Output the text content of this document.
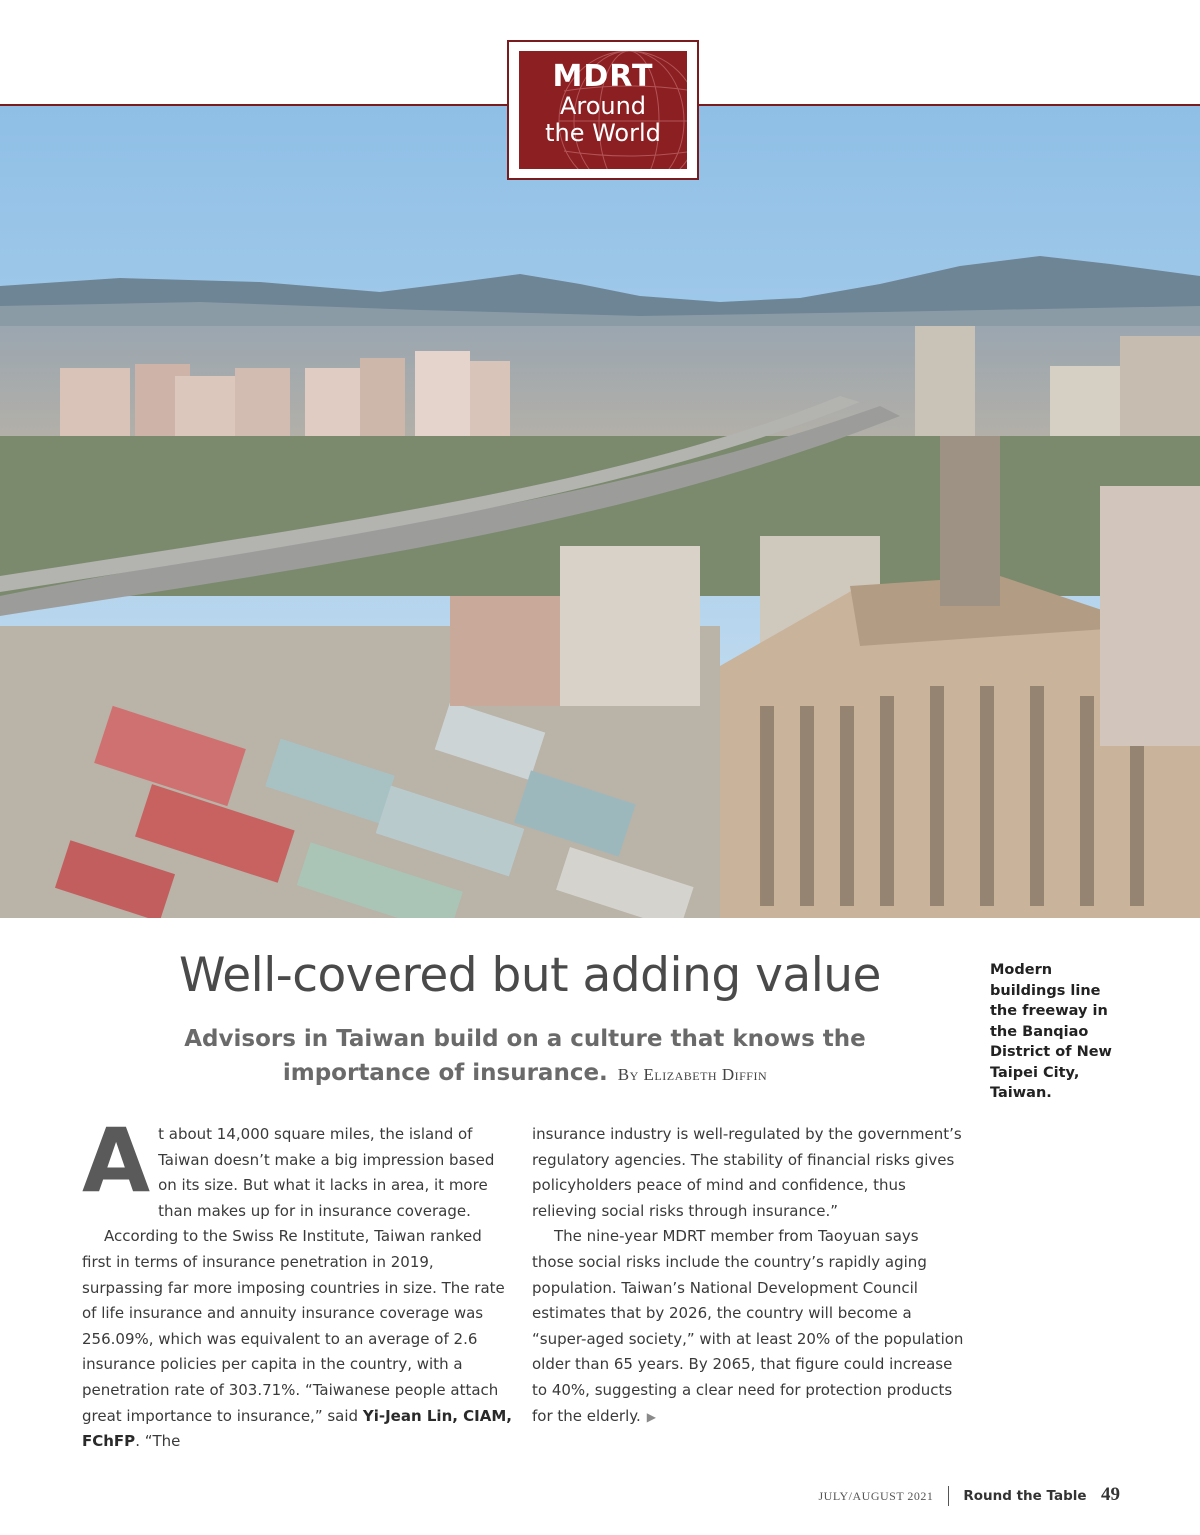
MDRT
Around
the World
Well-covered but adding value

Advisors in Taiwan build on a culture that knows the importance of insurance. By Elizabeth Diffin

Modern buildings line the freeway in the Banqiao District of New Taipei City, Taiwan.

At about 14,000 square miles, the island of Taiwan doesn’t make a big impression based on its size. But what it lacks in area, it more than makes up for in insurance coverage.

According to the Swiss Re Institute, Taiwan ranked first in terms of insurance penetration in 2019, surpassing far more imposing countries in size. The rate of life insurance and annuity insurance coverage was 256.09%, which was equivalent to an average of 2.6 insurance policies per capita in the country, with a penetration rate of 303.71%. “Taiwanese people attach great importance to insurance,” said Yi-Jean Lin, CIAM, FChFP. “The

insurance industry is well-regulated by the government’s regulatory agencies. The stability of financial risks gives policyholders peace of mind and confidence, thus relieving social risks through insurance.”

The nine-year MDRT member from Taoyuan says those social risks include the country’s rapidly aging population. Taiwan’s National Development Council estimates that by 2026, the country will become a “super-aged society,” with at least 20% of the population older than 65 years. By 2065, that figure could increase to 40%, suggesting a clear need for protection products for the elderly. ▶

JULY/AUGUST 2021 Round the Table 49
